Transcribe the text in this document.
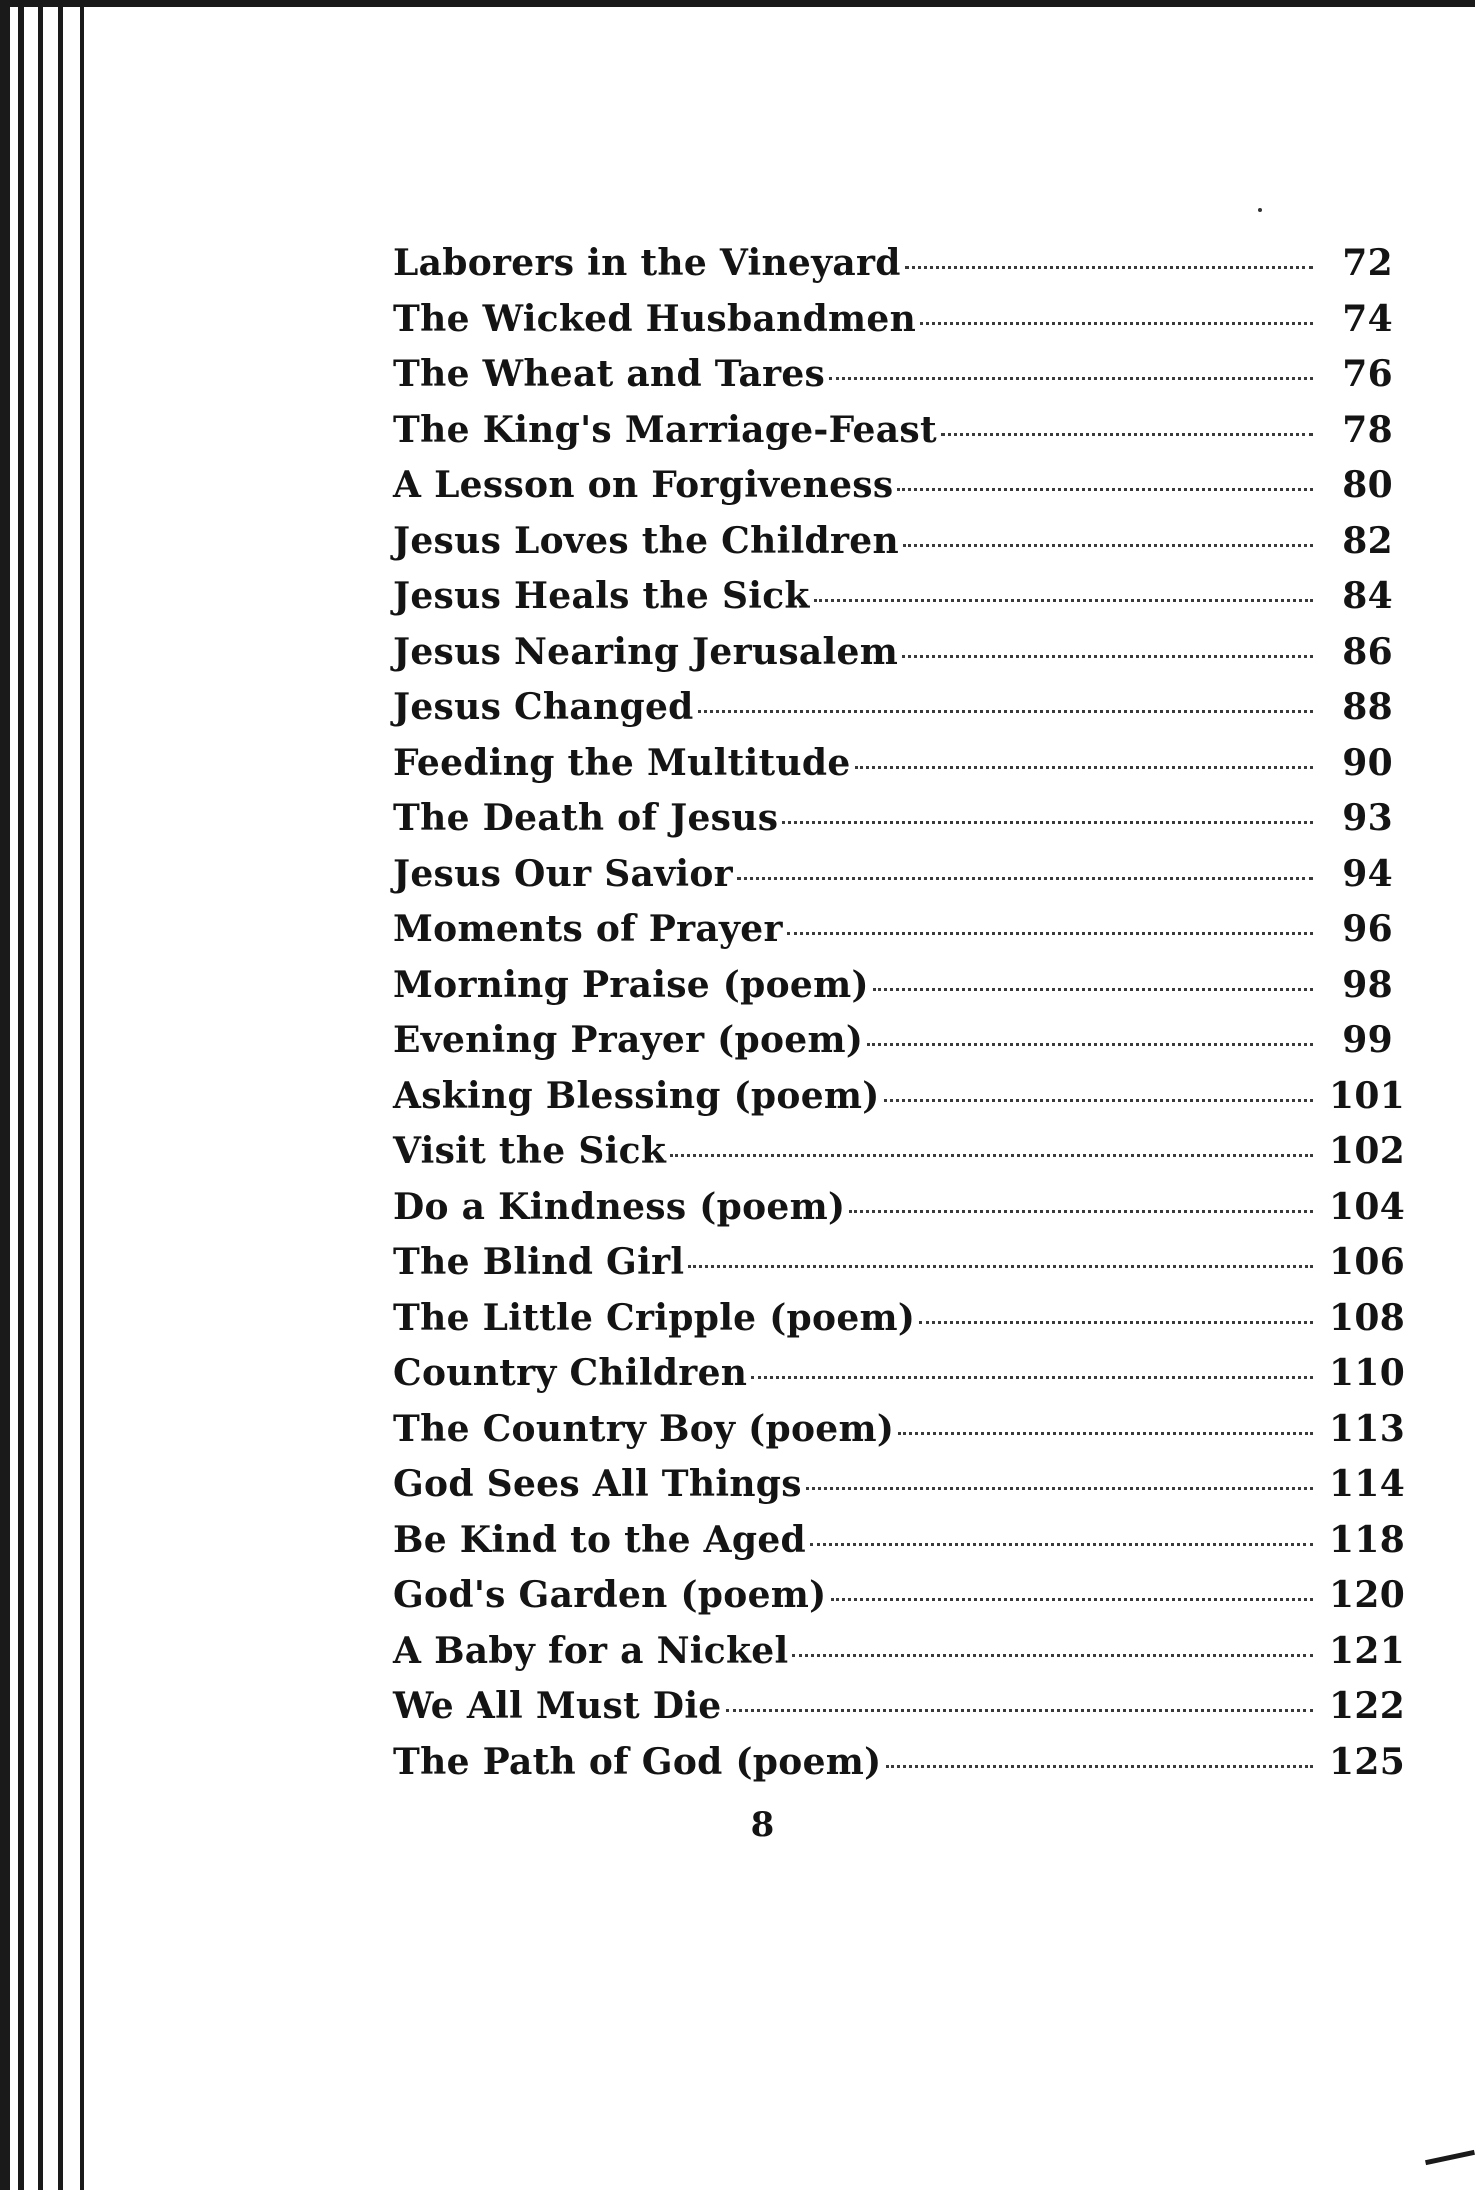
Laborers in the Vineyard	72
The Wicked Husbandmen	74
The Wheat and Tares	76
The King's Marriage-Feast	78
A Lesson on Forgiveness	80
Jesus Loves the Children	82
Jesus Heals the Sick	84
Jesus Nearing Jerusalem	86
Jesus Changed	88
Feeding the Multitude	90
The Death of Jesus	93
Jesus Our Savior	94
Moments of Prayer	96
Morning Praise (poem)	98
Evening Prayer (poem)	99
Asking Blessing (poem)	101
Visit the Sick	102
Do a Kindness (poem)	104
The Blind Girl	106
The Little Cripple (poem)	108
Country Children	110
The Country Boy (poem)	113
God Sees All Things	114
Be Kind to the Aged	118
God's Garden (poem)	120
A Baby for a Nickel	121
We All Must Die	122
The Path of God (poem)	125
8
